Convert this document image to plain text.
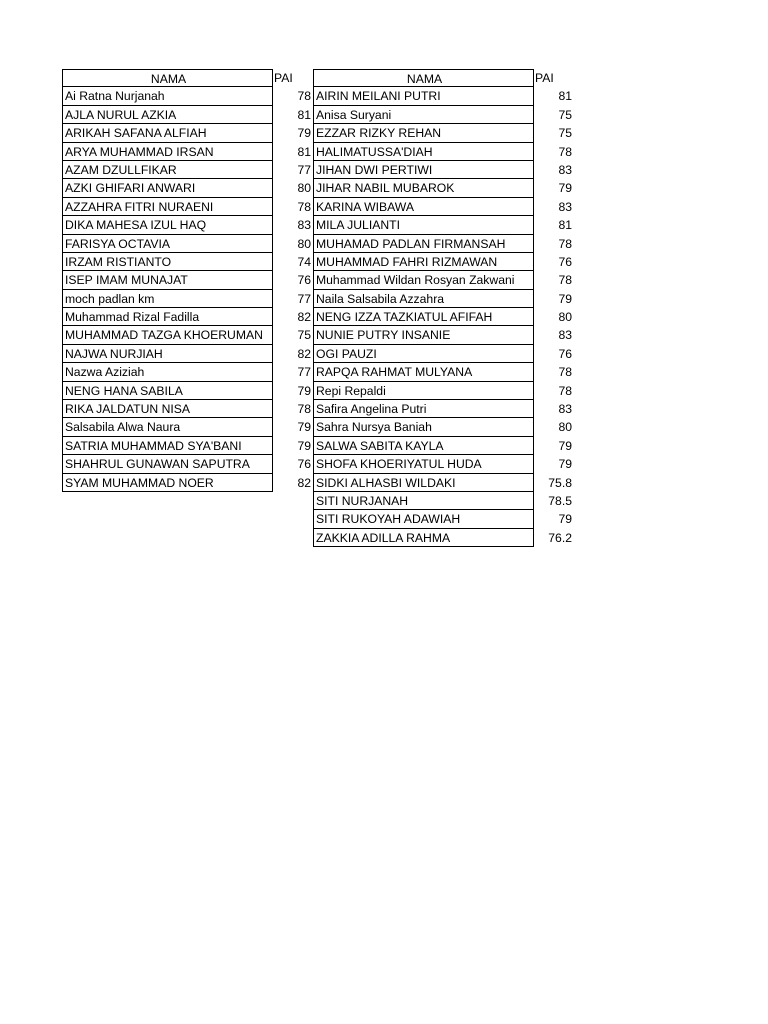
NAMA	PAI
Ai Ratna Nurjanah	78
AJLA NURUL AZKIA	81
ARIKAH SAFANA ALFIAH	79
ARYA MUHAMMAD IRSAN	81
AZAM DZULLFIKAR	77
AZKI GHIFARI ANWARI	80
AZZAHRA FITRI NURAENI	78
DIKA MAHESA IZUL HAQ	83
FARISYA OCTAVIA	80
IRZAM RISTIANTO	74
ISEP IMAM MUNAJAT	76
moch padlan km	77
Muhammad Rizal Fadilla	82
MUHAMMAD TAZGA KHOERUMAN	75
NAJWA NURJIAH	82
Nazwa Aziziah	77
NENG HANA SABILA	79
RIKA JALDATUN NISA	78
Salsabila Alwa Naura	79
SATRIA MUHAMMAD SYA'BANI	79
SHAHRUL GUNAWAN SAPUTRA	76
SYAM MUHAMMAD NOER	82
NAMA	PAI
AIRIN MEILANI PUTRI	81
Anisa Suryani	75
EZZAR RIZKY REHAN	75
HALIMATUSSA'DIAH	78
JIHAN DWI PERTIWI	83
JIHAR NABIL MUBAROK	79
KARINA WIBAWA	83
MILA JULIANTI	81
MUHAMAD PADLAN FIRMANSAH	78
MUHAMMAD FAHRI RIZMAWAN	76
Muhammad Wildan Rosyan Zakwani	78
Naila Salsabila Azzahra	79
NENG IZZA TAZKIATUL AFIFAH	80
NUNIE PUTRY INSANIE	83
OGI PAUZI	76
RAPQA RAHMAT MULYANA	78
Repi Repaldi	78
Safira Angelina Putri	83
Sahra Nursya Baniah	80
SALWA SABITA KAYLA	79
SHOFA KHOERIYATUL HUDA	79
SIDKI ALHASBI WILDAKI	75.8
SITI NURJANAH	78.5
SITI RUKOYAH ADAWIAH	79
ZAKKIA ADILLA RAHMA	76.2
